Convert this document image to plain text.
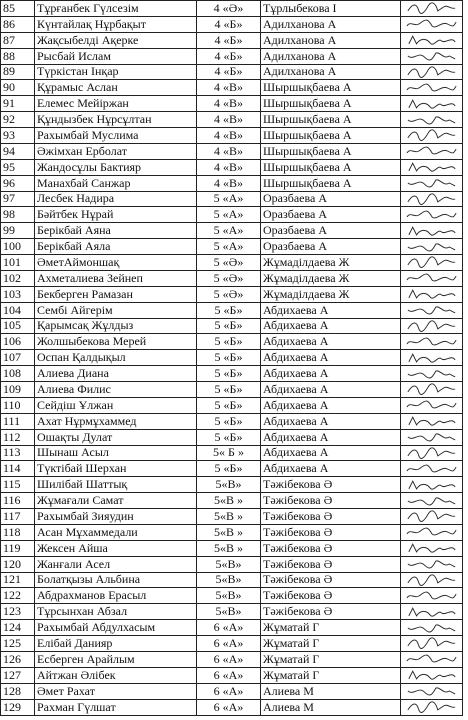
85	Тұрғанбек Гүлсезім	4 «Ә»	Тұрлыбекова І	

86	Күнтайлақ Нұрбақыт	4 «Б»	Адилханова А	

87	Жақсыбелді Ақерке	4 «Б»	Адилханова А	

88	Рысбай Ислам	4 «Б»	Адилханова А	

89	Түркістан Інқар	4 «Б»	Адилханова А	

90	Құрамыс Аслан	4 «В»	Шыршықбаева А	

91	Елемес Мейіржан	4 «В»	Шыршықбаева А	

92	Құндызбек Нұрсұлтан	4 «В»	Шыршықбаева А	

93	Рахымбай Муслима	4 «В»	Шыршықбаева А	

94	Әжімхан Ерболат	4 «В»	Шыршықбаева А	

95	Жандосұлы Бактияр	4 «В»	Шыршықбаева А	

96	Манахбай Санжар	4 «В»	Шыршықбаева А	

97	Лесбек Надира	5 «А»	Оразбаева А	

98	Бәйтбек Нұрай	5 «А»	Оразбаева А	

99	Берікбай Аяна	5 «А»	Оразбаева А	

100	Берікбай Аяла	5 «А»	Оразбаева А	

101	ӘметАймоншақ	5 «Ә»	Жұмаділдаева Ж	

102	Ахметалиева Зейнеп	5 «Ә»	Жұмаділдаева Ж	

103	Бекберген Рамазан	5 «Ә»	Жұмаділдаева Ж	

104	Сембі Айгерім	5 «Б»	Абдихаева А	

105	Қарымсақ Жұлдыз	5 «Б»	Абдихаева А	

106	Жолшыбекова Мерей	5 «Б»	Абдихаева А	

107	Оспан Қалдықыл	5 «Б»	Абдихаева А	

108	Алиева Диана	5 «Б»	Абдихаева А	

109	Алиева Филис	5 «Б»	Абдихаева А	

110	Сейдіш Ұлжан	5 «Б»	Абдихаева А	

111	Ахат Нұрмұхаммед	5 «Б»	Абдихаева А	

112	Ошақты Дулат	5 «Б»	Абдихаева А	

113	Шынаш Асыл	5« Б »	Абдихаева А	

114	Түктібай Шерхан	5 «Б»	Абдихаева А	

115	Шилібай Шаттық	5«В»	Тәжібекова Ә	

116	Жұмағали Самат	5«В »	Тәжібекова Ә	

117	Рахымбай Зияудин	5«В »	Тәжібекова Ә	

118	Асан Мұхаммедали	5«В »	Тәжібекова Ә	

119	Жексен Айша	5«В »	Тәжібекова Ә	

120	Жанғали Асел	5«В»	Тәжібекова Ә	

121	Болатқызы Альбина	5«В»	Тәжібекова Ә	

122	Абдрахманов Ерасыл	5«В»	Тәжібекова Ә	

123	Тұрсынхан Абзал	5«В»	Тәжібекова Ә	

124	Рахымбай Абдулхасым	6 «А»	Жұматай Г	

125	Елібай Данияр	6 «А»	Жұматай Г	

126	Есберген Арайлым	6 «А»	Жұматай Г	

127	Айтжан Әлібек	6 «А»	Жұматай Г	

128	Әмет Рахат	6 «А»	Алиева М	

129	Рахман Гүлшат	6 «А»	Алиева М	
